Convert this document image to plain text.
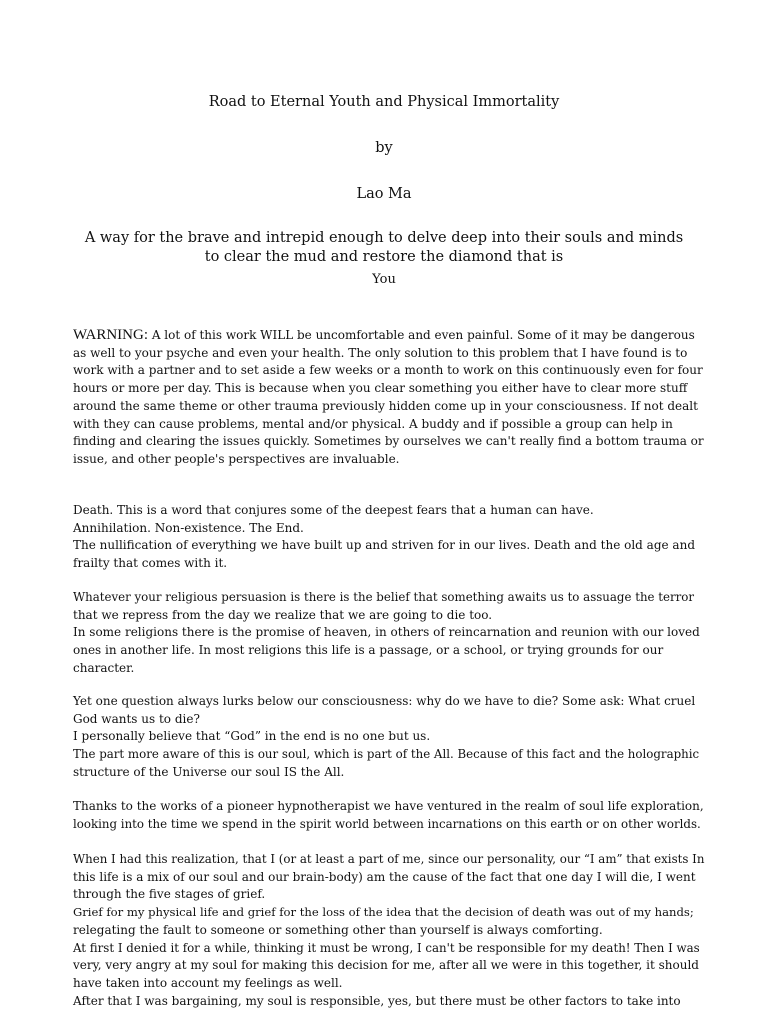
Road to Eternal Youth and Physical Immortality
by
Lao Ma
A way for the brave and intrepid enough to delve deep into their souls and minds
to clear the mud and restore the diamond that is
You
WARNING: A lot of this work WILL be uncomfortable and even painful. Some of it may be dangerous
as well to your psyche and even your health. The only solution to this problem that I have found is to
work with a partner and to set aside a few weeks or a month to work on this continuously even for four
hours or more per day. This is because when you clear something you either have to clear more stuff
around the same theme or other trauma previously hidden come up in your consciousness. If not dealt
with they can cause problems, mental and/or physical. A buddy and if possible a group can help in
finding and clearing the issues quickly. Sometimes by ourselves we can't really find a bottom trauma or
issue, and other people's perspectives are invaluable.
Death. This is a word that conjures some of the deepest fears that a human can have.
Annihilation. Non-existence. The End.
The nullification of everything we have built up and striven for in our lives. Death and the old age and
frailty that comes with it.
Whatever your religious persuasion is there is the belief that something awaits us to assuage the terror
that we repress from the day we realize that we are going to die too.
In some religions there is the promise of heaven, in others of reincarnation and reunion with our loved
ones in another life. In most religions this life is a passage, or a school, or trying grounds for our
character.
Yet one question always lurks below our consciousness: why do we have to die? Some ask: What cruel
God wants us to die?
I personally believe that “God” in the end is no one but us.
The part more aware of this is our soul, which is part of the All. Because of this fact and the holographic
structure of the Universe our soul IS the All.
Thanks to the works of a pioneer hypnotherapist we have ventured in the realm of soul life exploration,
looking into the time we spend in the spirit world between incarnations on this earth or on other worlds.
When I had this realization, that I (or at least a part of me, since our personality, our “I am” that exists In
this life is a mix of our soul and our brain-body) am the cause of the fact that one day I will die, I went
through the five stages of grief.
Grief for my physical life and grief for the loss of the idea that the decision of death was out of my hands;
relegating the fault to someone or something other than yourself is always comforting.
At first I denied it for a while, thinking it must be wrong, I can't be responsible for my death! Then I was
very, very angry at my soul for making this decision for me, after all we were in this together, it should
have taken into account my feelings as well.
After that I was bargaining, my soul is responsible, yes, but there must be other factors to take into
